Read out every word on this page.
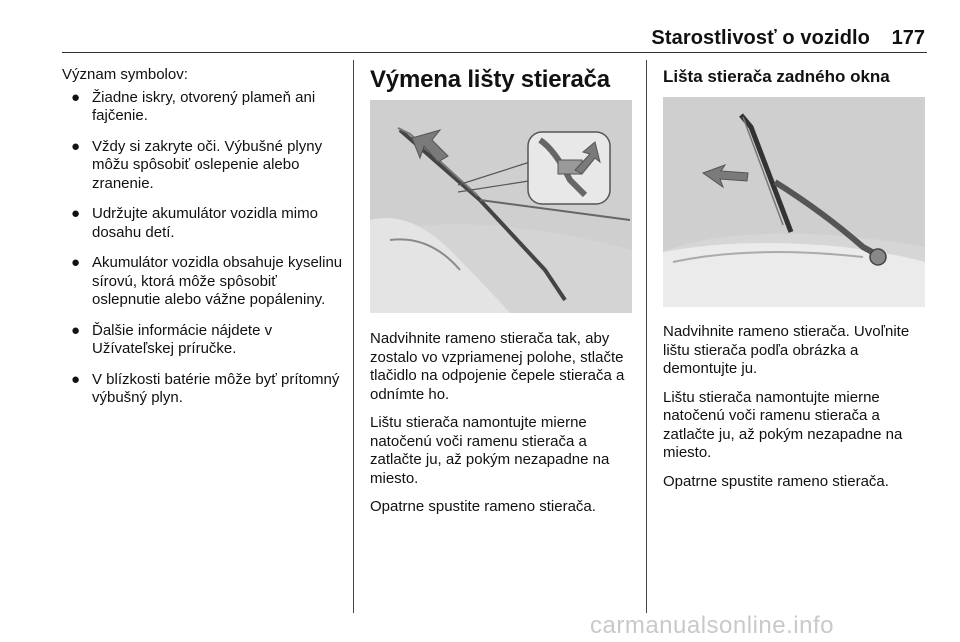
Starostlivosť o vozidlo	177

Význam symbolov:

● Žiadne iskry, otvorený plameň ani fajčenie.
● Vždy si zakryte oči. Výbušné plyny môžu spôsobiť oslepenie alebo zranenie.
● Udržujte akumulátor vozidla mimo dosahu detí.
● Akumulátor vozidla obsahuje kyselinu sírovú, ktorá môže spôsobiť oslepnutie alebo vážne popáleniny.
● Ďalšie informácie nájdete v Užívateľskej príručke.
● V blízkosti batérie môže byť prítomný výbušný plyn.
Výmena lišty stierača

Nadvihnite rameno stierača tak, aby zostalo vo vzpriamenej polohe, stlačte tlačidlo na odpojenie čepele stierača a odnímte ho.

Lištu stierača namontujte mierne natočenú voči ramenu stierača a zatlačte ju, až pokým nezapadne na miesto.

Opatrne spustite rameno stierača.

Lišta stierača zadného okna

Nadvihnite rameno stierača. Uvoľnite lištu stierača podľa obrázka a demontujte ju.

Lištu stierača namontujte mierne natočenú voči ramenu stierača a zatlačte ju, až pokým nezapadne na miesto.

Opatrne spustite rameno stierača.

carmanualsonline.info
